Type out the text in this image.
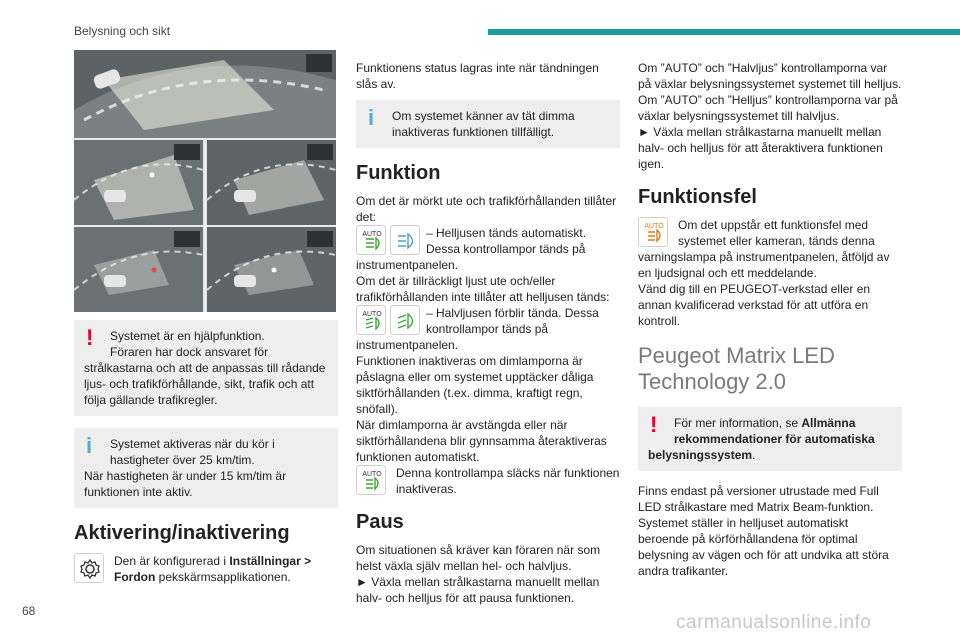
Belysning och sikt
! Systemet är en hjälpfunktion.
Föraren har dock ansvaret för
strålkastarna och att de anpassas till rådande ljus- och trafikförhållande, sikt, trafik och att följa gällande trafikregler.
i Systemet aktiveras när du kör i
hastigheter över 25 km/tim.
När hastigheten är under 15 km/tim är funktionen inte aktiv.
Aktivering/inaktivering
Den är konfigurerad i Inställningar >
Fordon pekskärmsapplikationen.

Funktionens status lagras inte när tändningen slås av.

i Om systemet känner av tät dimma
inaktiveras funktionen tillfälligt.
Funktion

Om det är mörkt ute och trafikförhållanden tillåter det:

AUTO	– Helljusen tänds automatiskt.
Dessa kontrollampor tänds på

instrumentpanelen.

Om det är tillräckligt ljust ute och/eller trafikförhållanden inte tillåter att helljusen tänds:

AUTO	– Halvljusen förblir tända. Dessa
kontrollampor tänds på

instrumentpanelen.

Funktionen inaktiveras om dimlamporna är påslagna eller om systemet upptäcker dåliga siktförhållanden (t.ex. dimma, kraftigt regn, snöfall).

När dimlamporna är avstängda eller när siktförhållandena blir gynnsamma återaktiveras funktionen automatiskt.

AUTO Denna kontrollampa släcks när funktionen
inaktiveras.
Paus

Om situationen så kräver kan föraren när som helst växla själv mellan hel- och halvljus.

► Växla mellan strålkastarna manuellt mellan halv- och helljus för att pausa funktionen.

Om ”AUTO” och ”Halvljus” kontrollamporna var på växlar belysningssystemet systemet till helljus.

Om ”AUTO” och ”Helljus” kontrollamporna var på växlar belysningssystemet till halvljus.

► Växla mellan strålkastarna manuellt mellan halv- och helljus för att återaktivera funktionen igen.

Funktionsfel
AUTO Om det uppstår ett funktionsfel med
systemet eller kameran, tänds denna

varningslampa på instrumentpanelen, åtföljd av en ljudsignal och ett meddelande.

Vänd dig till en PEUGEOT-verkstad eller en annan kvalificerad verkstad för att utföra en kontroll.

Peugeot Matrix LED
Technology 2.0
! För mer information, se Allmänna
rekommendationer för automatiska
belysningssystem.

Finns endast på versioner utrustade med Full LED strålkastare med Matrix Beam-funktion. Systemet ställer in helljuset automatiskt beroende på körförhållandena för optimal belysning av vägen och för att undvika att störa andra trafikanter.

68
carmanualsonline.info
